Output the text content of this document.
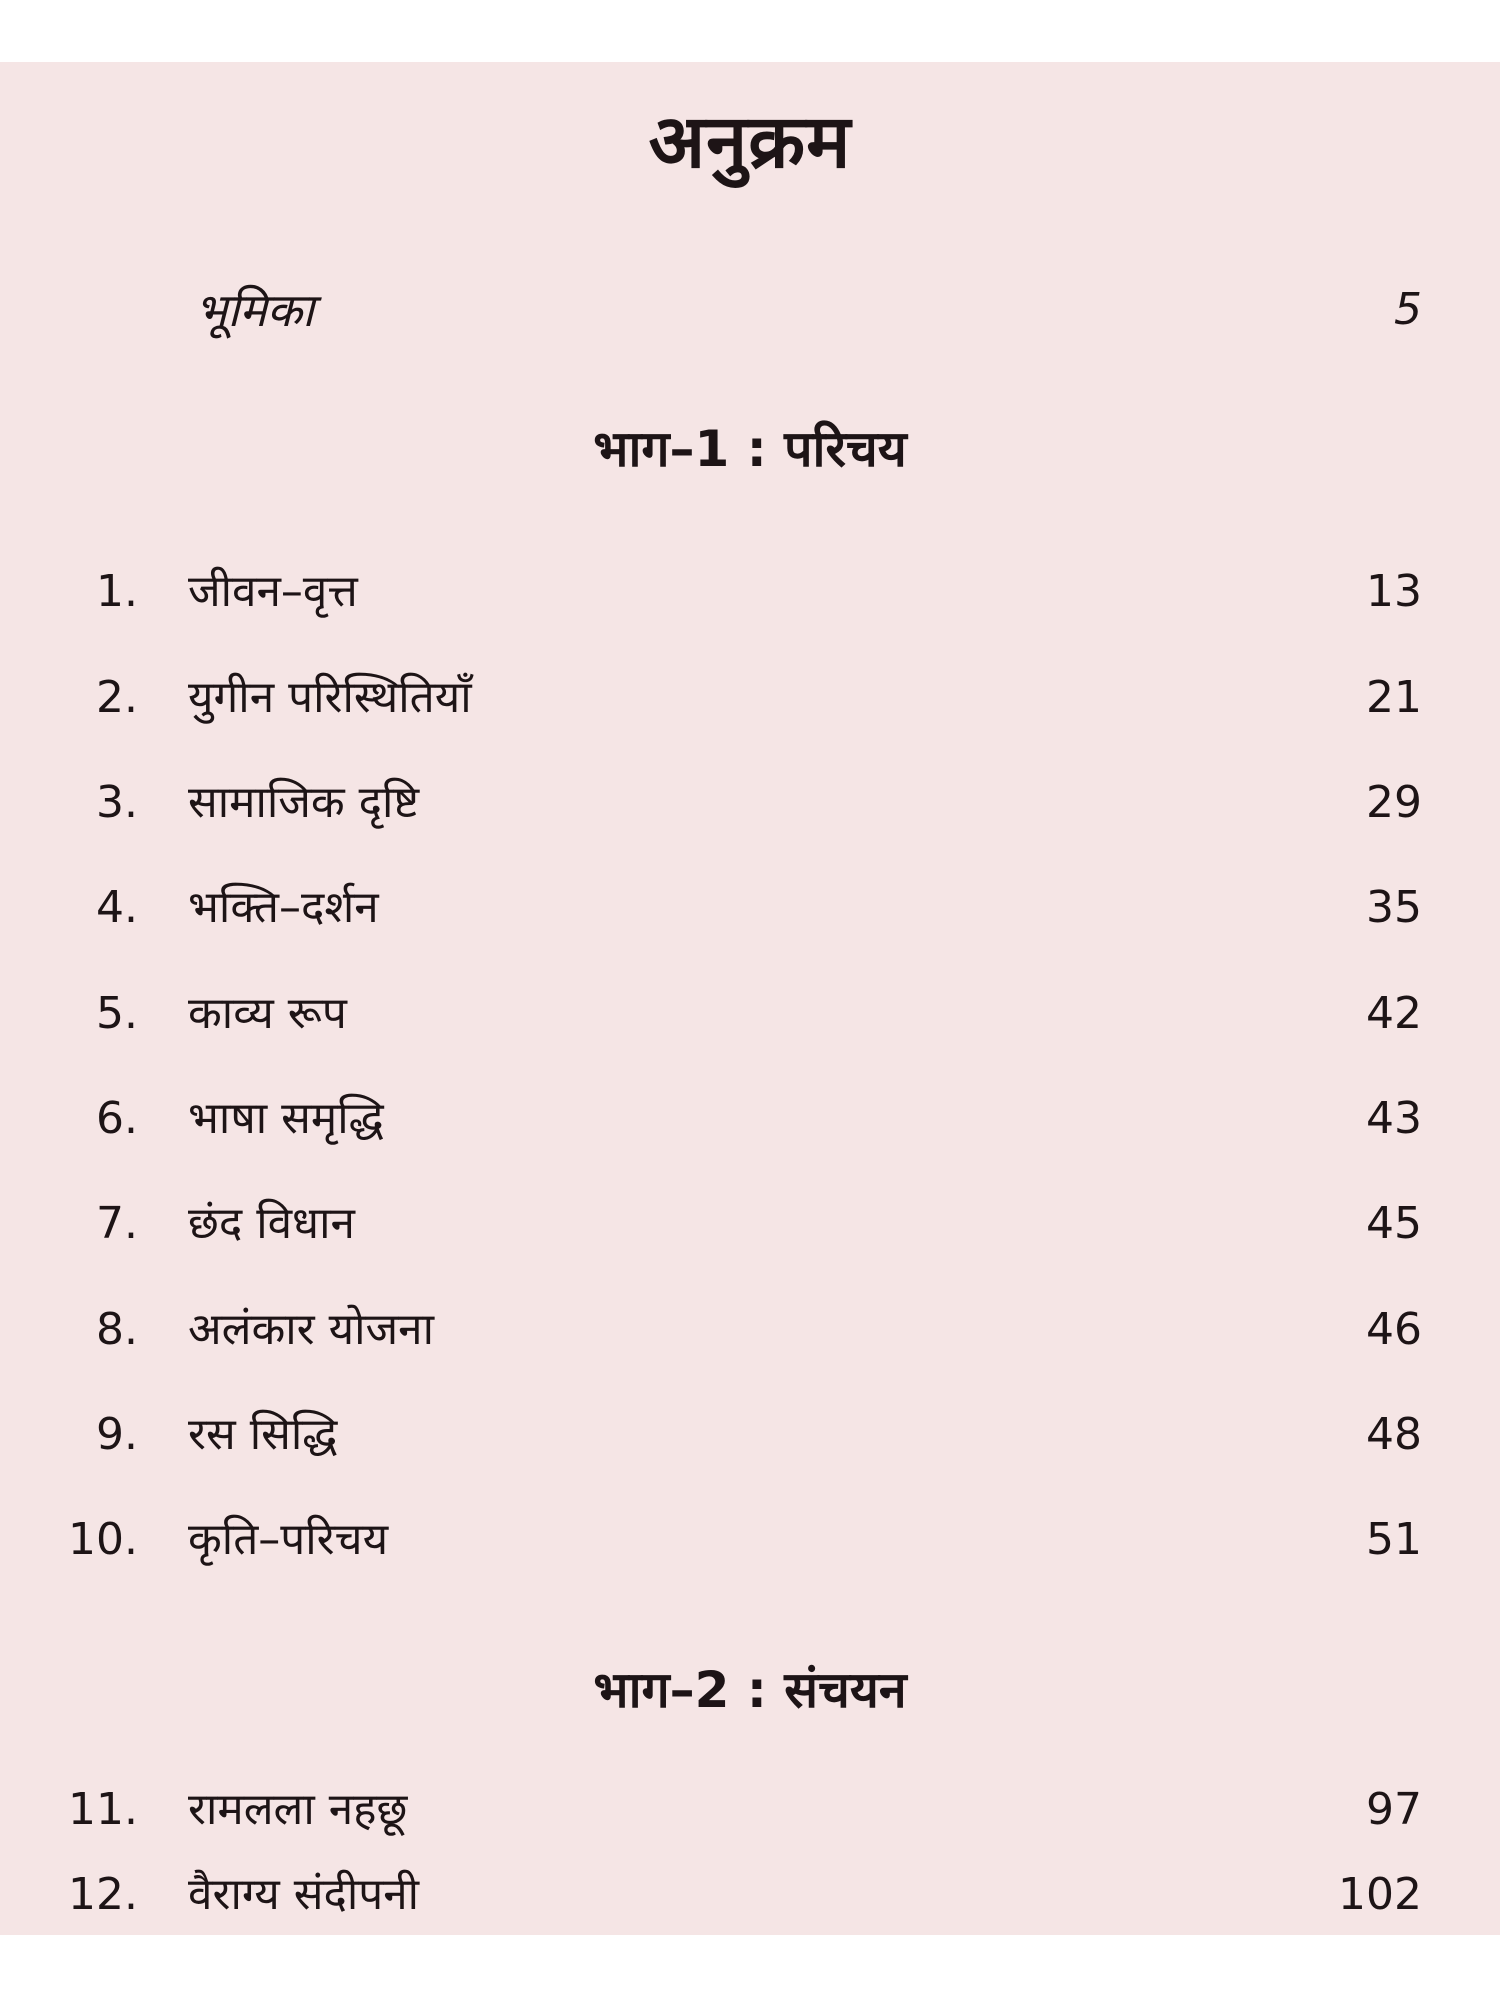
अनुक्रम
भूमिका	5
भाग–1 : परिचय
1. जीवन–वृत्त	13
2. युगीन परिस्थितियाँ	21
3. सामाजिक दृष्टि	29
4. भक्ति–दर्शन	35
5. काव्य रूप	42
6. भाषा समृद्धि	43
7. छंद विधान	45
8. अलंकार योजना	46
9. रस सिद्धि	48
10. कृति–परिचय	51
भाग–2 : संचयन
11. रामलला नहछू	97
12. वैराग्य संदीपनी	102
